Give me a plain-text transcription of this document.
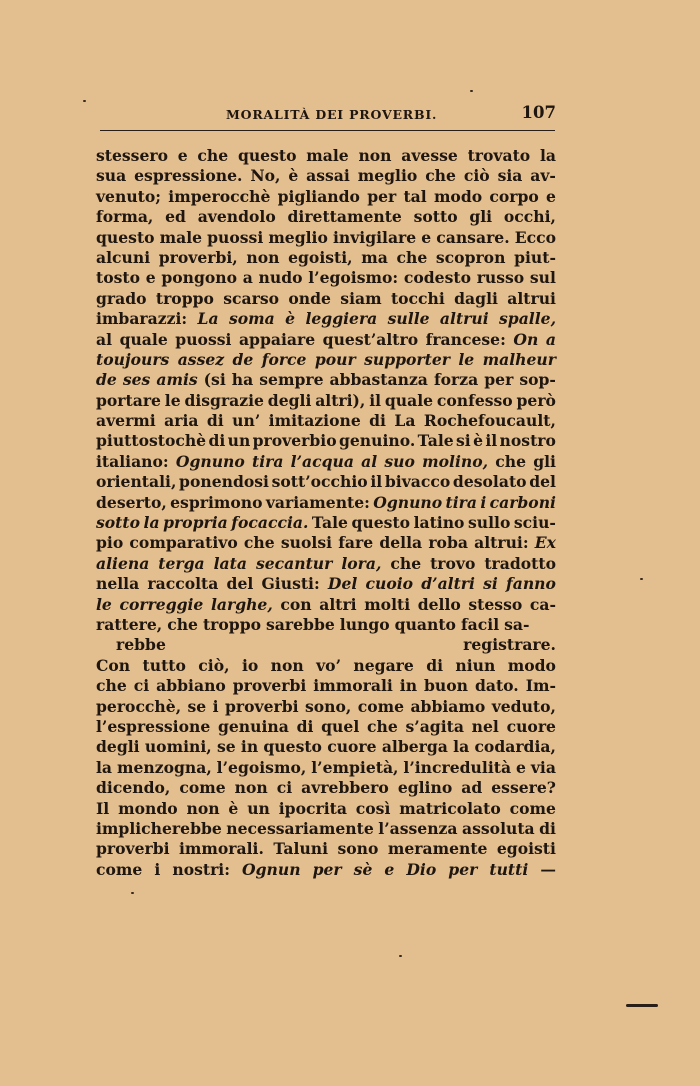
MORALITÀ DEI PROVERBI.	107
stessero e che questo male non avesse trovato la
sua espressione. No, è assai meglio che ciò sia av-
venuto; imperocchè pigliando per tal modo corpo e
forma, ed avendolo direttamente sotto gli occhi,
questo male puossi meglio invigilare e cansare. Ecco
alcuni proverbi, non egoisti, ma che scopron piut-
tosto e pongono a nudo l’egoismo: codesto russo sul
grado troppo scarso onde siam tocchi dagli altrui
imbarazzi: La soma è leggiera sulle altrui spalle,
al quale puossi appaiare quest’altro francese: On a
toujours assez de force pour supporter le malheur
de ses amis (si ha sempre abbastanza forza per sop-
portare le disgrazie degli altri), il quale confesso però
avermi aria di un’ imitazione di La Rochefoucault,
piuttostochè di un proverbio genuino. Tale si è il nostro
italiano: Ognuno tira l’acqua al suo molino, che gli
orientali, ponendosi sott’occhio il bivacco desolato del
deserto, esprimono variamente: Ognuno tira i carboni
sotto la propria focaccia. Tale questo latino sullo sciu-
pio comparativo che suolsi fare della roba altrui: Ex
aliena terga lata secantur lora, che trovo tradotto
nella raccolta del Giusti: Del cuoio d’altri si fanno
le correggie larghe, con altri molti dello stesso ca-
rattere, che troppo sarebbe lungo quanto facil sa-
rebbe	registrare.
Con tutto ciò, io non vo’ negare di niun modo
che ci abbiano proverbi immorali in buon dato. Im-
perocchè, se i proverbi sono, come abbiamo veduto,
l’espressione genuina di quel che s’agita nel cuore
degli uomini, se in questo cuore alberga la codardia,
la menzogna, l’egoismo, l’empietà, l’incredulità e via
dicendo, come non ci avrebbero eglino ad essere?
Il mondo non è un ipocrita così matricolato come
implicherebbe necessariamente l’assenza assoluta di
proverbi immorali. Taluni sono meramente egoisti
come i nostri: Ognun per sè e Dio per tutti —
